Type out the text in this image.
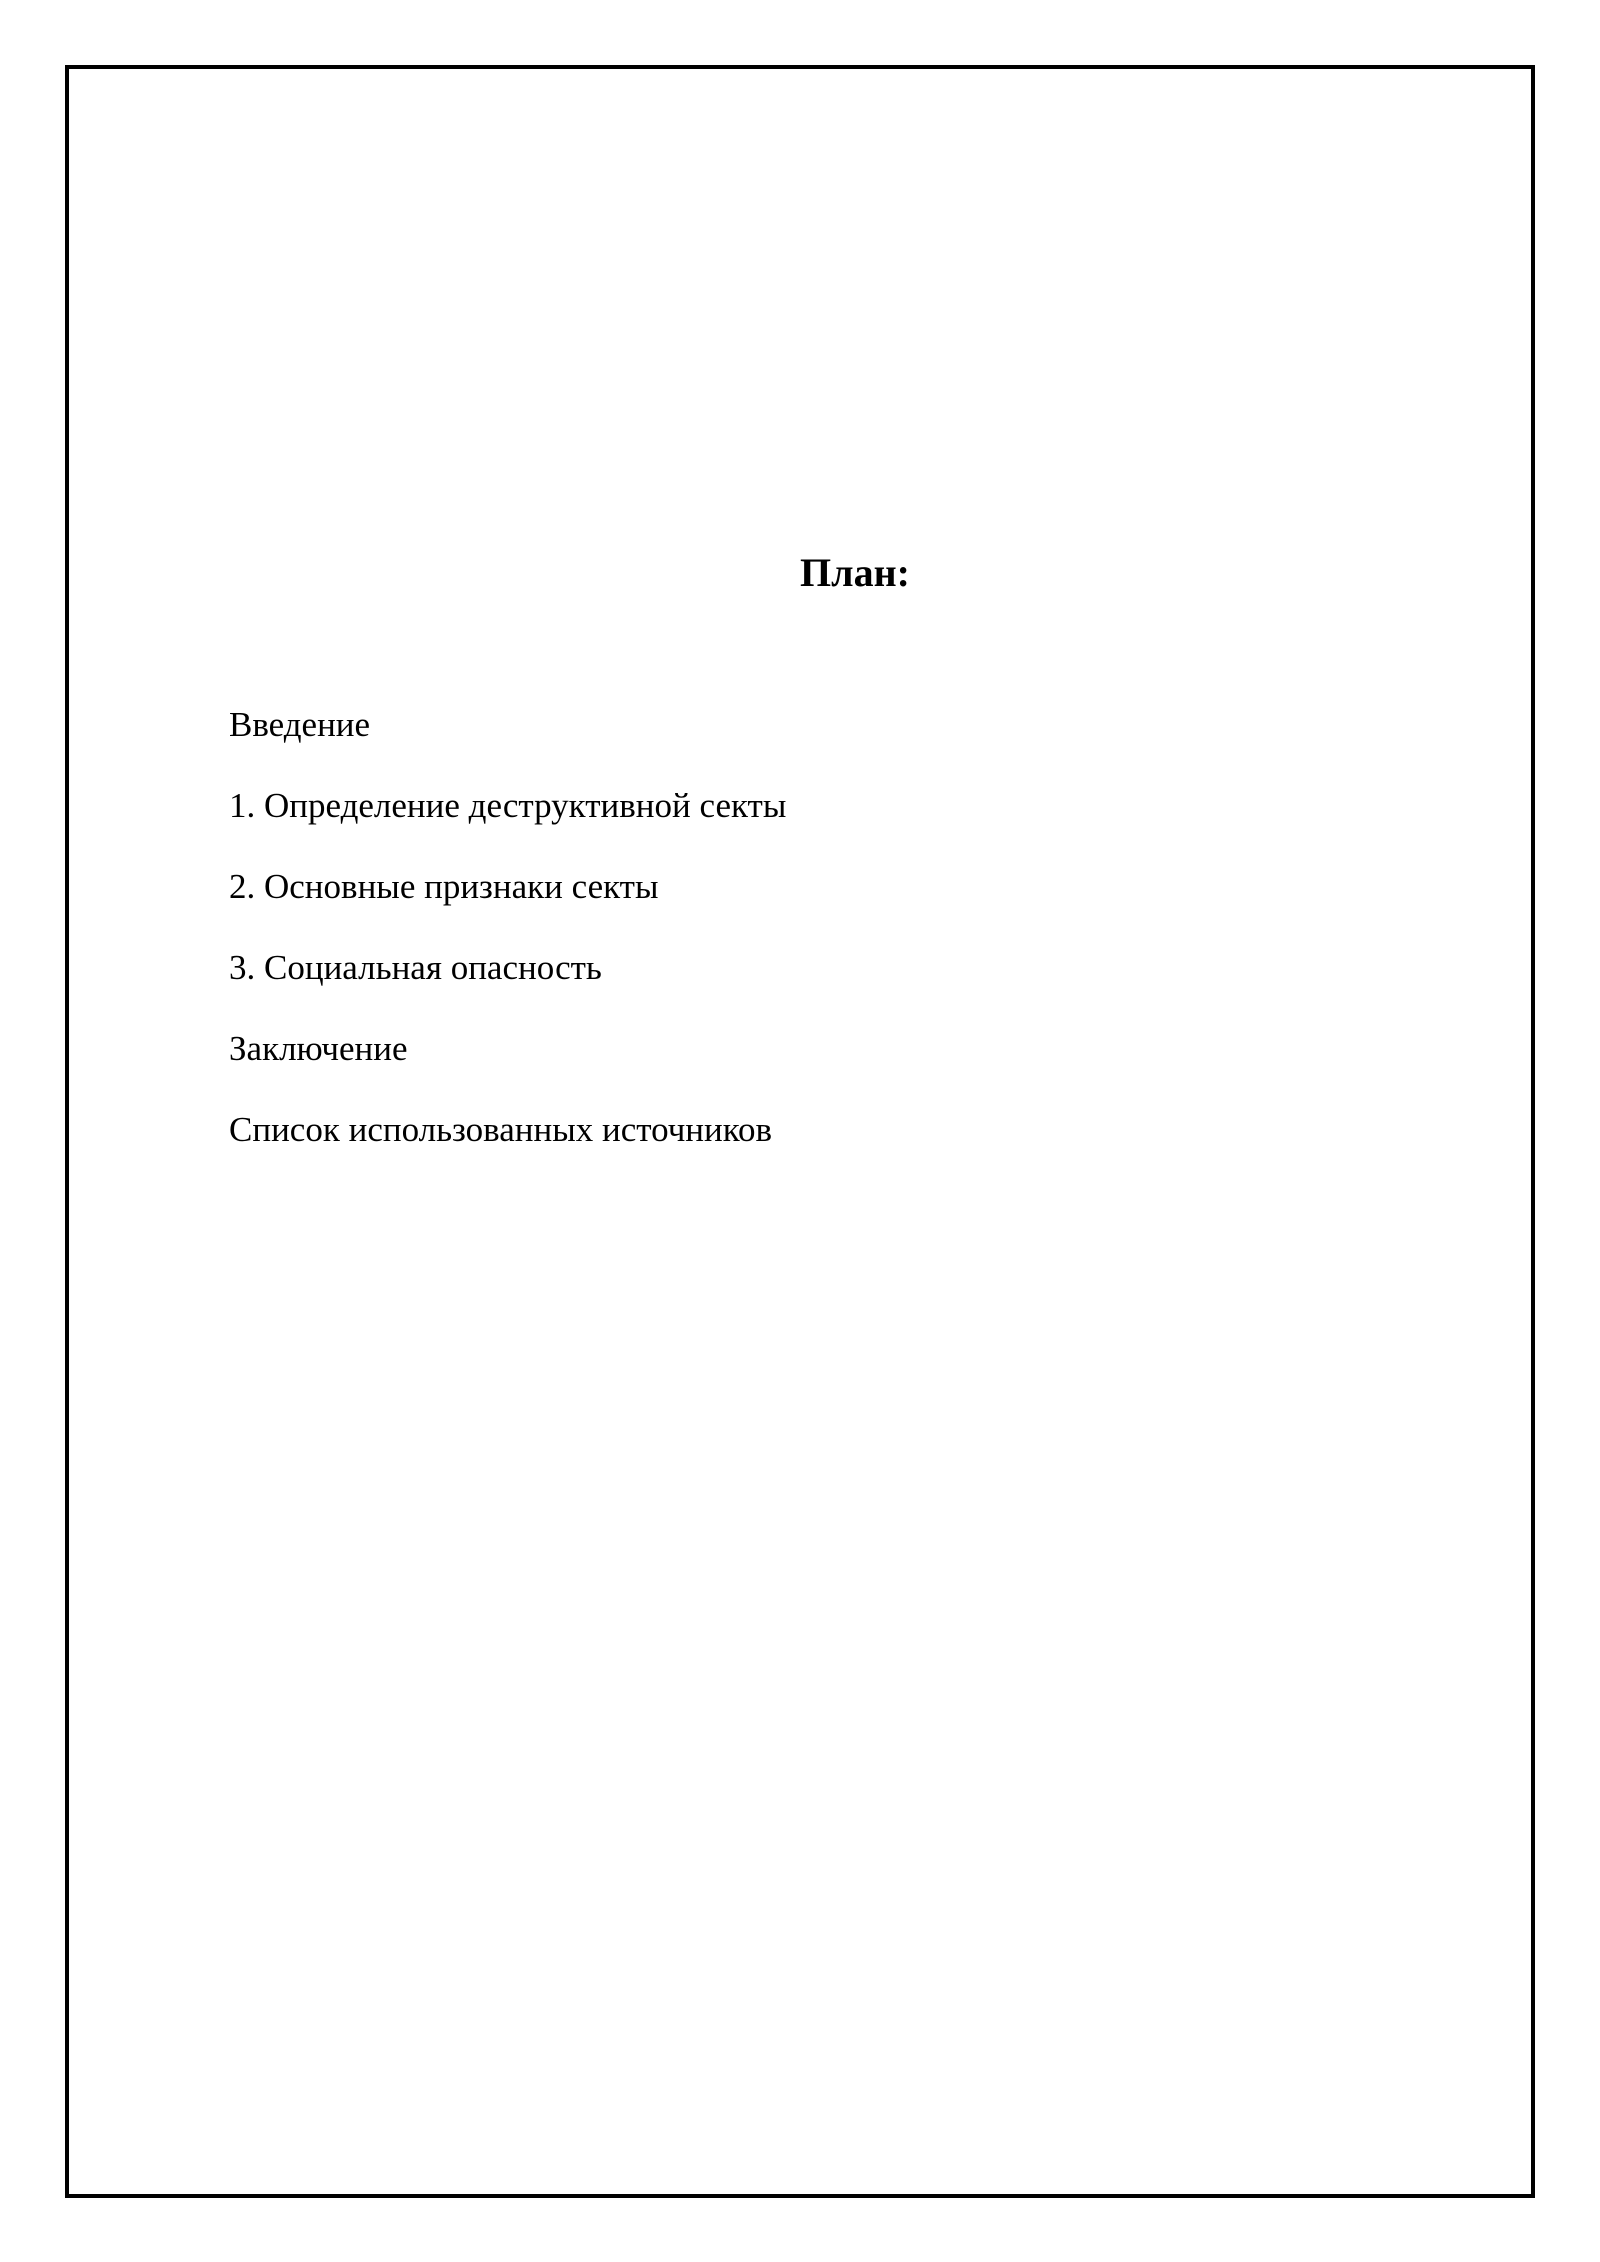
План:
Введение
1. Определение деструктивной секты
2. Основные признаки секты
3. Социальная опасность
Заключение
Список использованных источников
